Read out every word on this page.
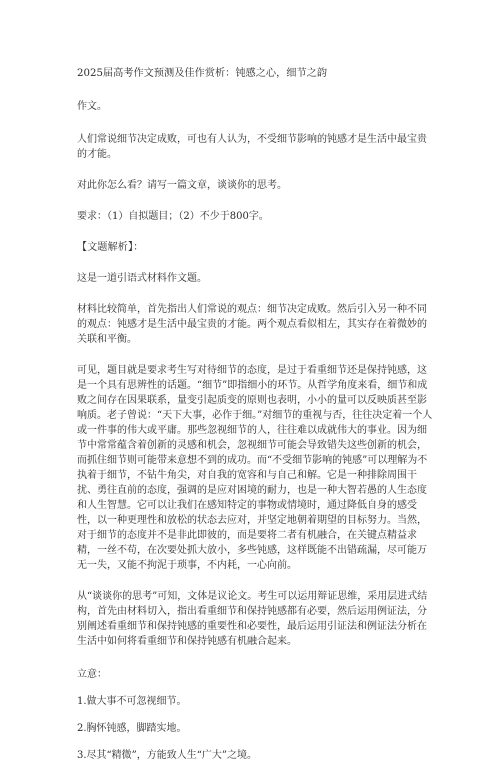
2025届高考作文预测及佳作赏析：钝感之心，细节之韵

作文。

人们常说细节决定成败，可也有人认为，不受细节影响的钝感才是生活中最宝贵的才能。

对此你怎么看？请写一篇文章，谈谈你的思考。

要求：（1）自拟题目；（2）不少于800字。

【文题解析】：

这是一道引语式材料作文题。

材料比较简单，首先指出人们常说的观点：细节决定成败。然后引入另一种不同的观点：钝感才是生活中最宝贵的才能。两个观点看似相左，其实存在着微妙的关联和平衡。

可见，题目就是要求考生写对待细节的态度，是过于看重细节还是保持钝感，这是一个具有思辨性的话题。“细节”即指细小的环节。从哲学角度来看，细节和成败之间存在因果联系，量变引起质变的原则也表明，小小的量可以反映质甚至影响质。老子曾说：“天下大事，必作于细。”对细节的重视与否，往往决定着一个人或一件事的伟大或平庸。那些忽视细节的人，往往难以成就伟大的事业。因为细节中常常蕴含着创新的灵感和机会，忽视细节可能会导致错失这些创新的机会，而抓住细节则可能带来意想不到的成功。而“不受细节影响的钝感”可以理解为不执着于细节，不钻牛角尖，对自我的宽容和与自己和解。它是一种排除周围干扰、勇往直前的态度，强调的是应对困境的耐力，也是一种大智若愚的人生态度和人生智慧。它可以让我们在感知特定的事物或情境时，通过降低自身的感受性，以一种更理性和放松的状态去应对，并坚定地朝着期望的目标努力。当然，对于细节的态度并不是非此即彼的，而是要将二者有机融合，在关键点精益求精，一丝不苟，在次要处抓大放小，多些钝感，这样既能不出错疏漏，尽可能万无一失，又能不拘泥于琐事，不内耗，一心向前。

从“谈谈你的思考”可知，文体是议论文。考生可以运用辩证思维，采用层进式结构，首先由材料切入，指出看重细节和保持钝感都有必要，然后运用例证法，分别阐述看重细节和保持钝感的重要性和必要性，最后运用引证法和例证法分析在生活中如何将看重细节和保持钝感有机融合起来。

立意：

1.做大事不可忽视细节。

2.胸怀钝感，脚踏实地。

3.尽其“精微”，方能致人生“广大”之境。
